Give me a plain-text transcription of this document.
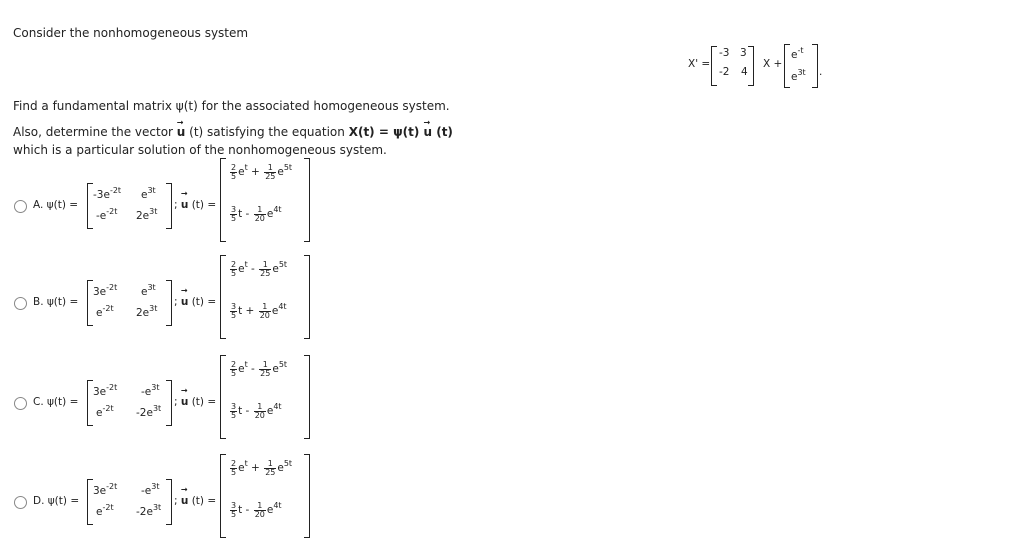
Consider the nonhomogeneous system
X' =
-3 3
-2 4
X +
$e^{-t}$
$e^{3t}$ .
Find a fundamental matrix ψ(t) for the associated homogeneous system.
Also, determine the vector → u (t) satisfying the equation X(t) = ψ(t) → u (t)
which is a particular solution of the nonhomogeneous system.
A. ψ(t) =
$-3e^{-2t}$ $e^{3t}$
$-e^{-2t}$ $2e^{3t}$
; → u (t) =
$\frac{2}{5} e^t + \frac{1}{25} e^{5t}$
$\frac{3}{5}$ t - $\frac{1}{20} e^{4t}$
B. ψ(t) =
$3e^{-2t}$ $e^{3t}$
$e^{-2t}$ $2e^{3t}$
; → u (t) =
$\frac{2}{5} e^t - \frac{1}{25} e^{5t}$
$\frac{3}{5}$ $t + \frac{1}{20} e^{4t}$
C. ψ(t) =
$3e^{-2t}$ $-e^{3t}$
$e^{-2t}$ $-2e^{3t}$
; → u (t) =
$\frac{2}{5} e^t - \frac{1}{25} e^{5t}$
$\frac{3}{5}$ t - $\frac{1}{20} e^{4t}$
D. ψ(t) =
$3e^{-2t}$ $-e^{3t}$
$e^{-2t}$ $-2e^{3t}$
; → u (t) =
$\frac{2}{5} e^t + \frac{1}{25} e^{5t}$
$\frac{3}{5}$ t - $\frac{1}{20} e^{4t}$
